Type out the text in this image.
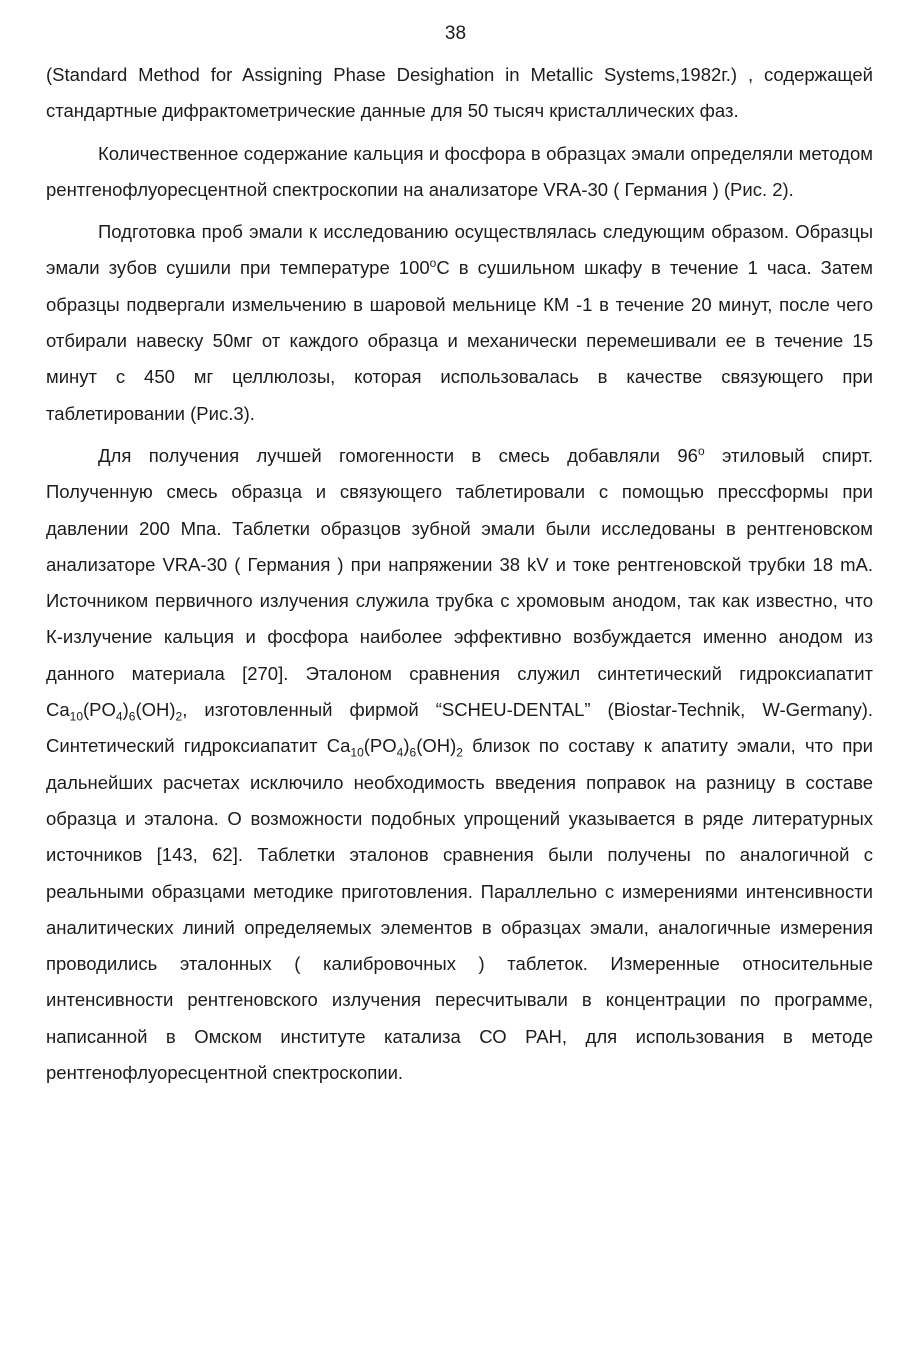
38

(Standard Method for Assigning Phase Desighation in Metallic Systems,1982г.) , содержащей стандартные дифрактометрические данные для 50 тысяч кристаллических фаз.

Количественное содержание кальция и фосфора в образцах эмали определяли методом рентгенофлуоресцентной спектроскопии на анализаторе VRA-30 ( Германия ) (Рис. 2).

Подготовка проб эмали к исследованию осуществлялась следующим образом. Образцы эмали зубов сушили при температуре 100$^o$С в сушильном шкафу в течение 1 часа. Затем образцы подвергали измельчению в шаровой мельнице КМ -1 в течение 20 минут, после чего отбирали навеску 50мг от каждого образца и механически перемешивали ее в течение 15 минут с 450 мг целлюлозы, которая использовалась в качестве связующего при таблетировании (Рис.3).

Для получения лучшей гомогенности в смесь добавляли 96$^o$ этиловый спирт. Полученную смесь образца и связующего таблетировали с помощью прессформы при давлении 200 Мпа. Таблетки образцов зубной эмали были исследованы в рентгеновском анализаторе VRA-30 ( Германия ) при напряжении 38 kV и токе рентгеновской трубки 18 mA. Источником первичного излучения служила трубка с хромовым анодом, так как известно, что К-излучение кальция и фосфора наиболее эффективно возбуждается именно анодом из данного материала [270]. Эталоном сравнения служил синтетический гидроксиапатит $Ca_{10}(PO_4)_6(OH)_2$, изготовленный фирмой “SCHEU-DENTAL” (Biostar-Technik, W-Germany). Синтетический гидроксиапатит $Ca_{10}(PO_4)_6(OH)_2$ близок по составу к апатиту эмали, что при дальнейших расчетах исключило необходимость введения поправок на разницу в составе образца и эталона. О возможности подобных упрощений указывается в ряде литературных источников [143, 62]. Таблетки эталонов сравнения были получены по аналогичной с реальными образцами методике приготовления. Параллельно с измерениями интенсивности аналитических линий определяемых элементов в образцах эмали, аналогичные измерения проводились эталонных ( калибровочных ) таблеток. Измеренные относительные интенсивности рентгеновского излучения пересчитывали в концентрации по программе, написанной в Омском институте катализа СО РАН, для использования в методе рентгенофлуоресцентной спектроскопии.
